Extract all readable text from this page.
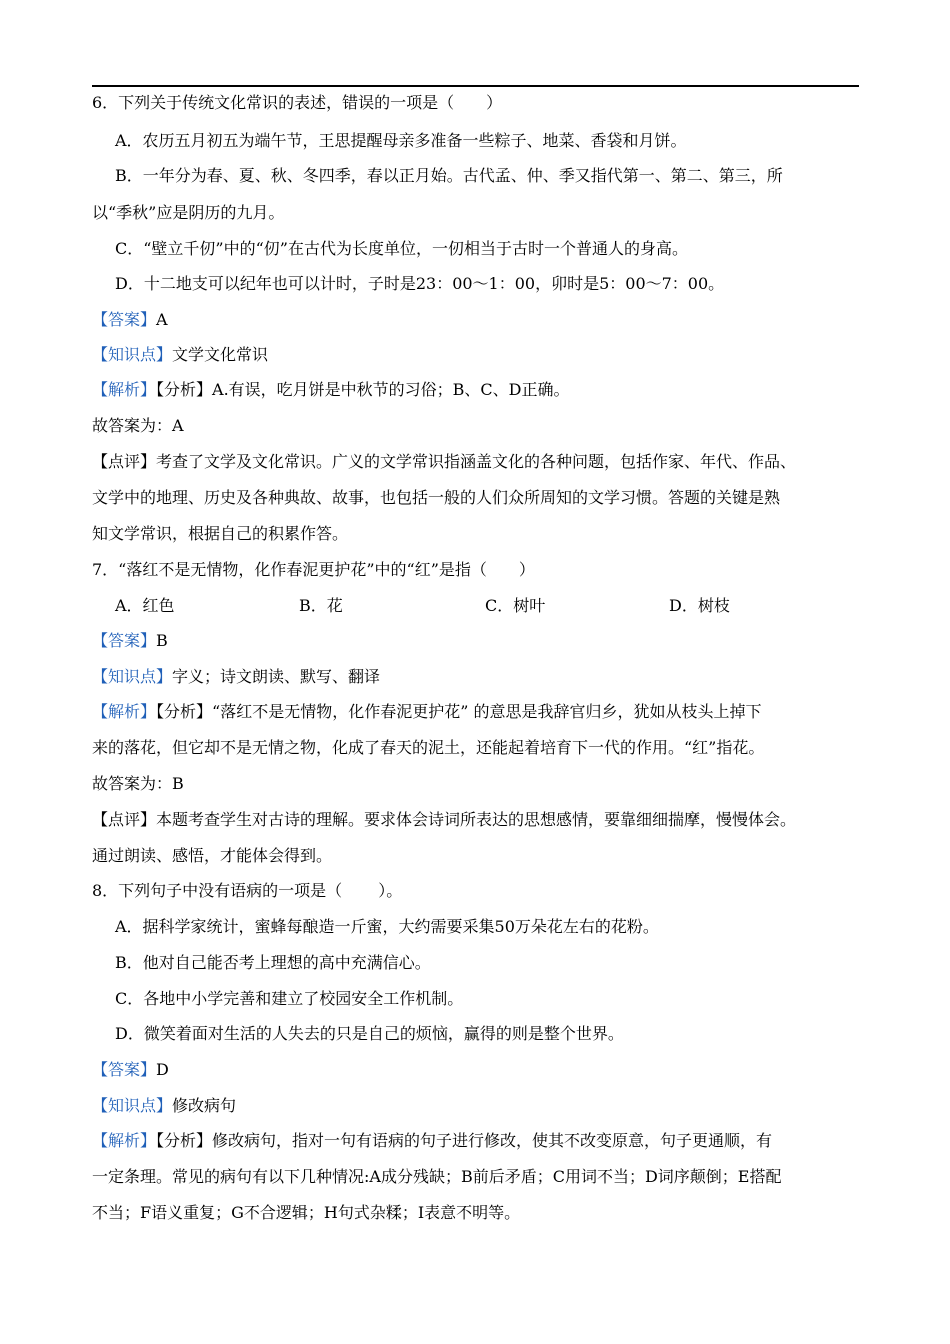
6．下列关于传统文化常识的表述，错误的一项是（　　）
A．农历五月初五为端午节，王思提醒母亲多准备一些粽子、地菜、香袋和月饼。
B．一年分为春、夏、秋、冬四季，春以正月始。古代孟、仲、季又指代第一、第二、第三，所
以“季秋”应是阴历的九月。
C．“壁立千仞”中的“仞”在古代为长度单位，一仞相当于古时一个普通人的身高。
D．十二地支可以纪年也可以计时，子时是23：00～1：00，卯时是5：00～7：00。
【答案】A
【知识点】文学文化常识
【解析】【分析】A.有误，吃月饼是中秋节的习俗；B、C、D正确。
故答案为：A
【点评】考查了文学及文化常识。广义的文学常识指涵盖文化的各种问题，包括作家、年代、作品、
文学中的地理、历史及各种典故、故事，也包括一般的人们众所周知的文学习惯。答题的关键是熟
知文学常识，根据自己的积累作答。
7．“落红不是无情物，化作春泥更护花”中的“红”是指（　　）
A．红色	B．花	C．树叶	D．树枝
【答案】B
【知识点】字义；诗文朗读、默写、翻译
【解析】【分析】“落红不是无情物，化作春泥更护花” 的意思是我辞官归乡，犹如从枝头上掉下
来的落花，但它却不是无情之物，化成了春天的泥土，还能起着培育下一代的作用。“红”指花。
故答案为：B
【点评】本题考查学生对古诗的理解。要求体会诗词所表达的思想感情，要靠细细揣摩，慢慢体会。
通过朗读、感悟，才能体会得到。
8．下列句子中没有语病的一项是（ ）。
A．据科学家统计，蜜蜂每酿造一斤蜜，大约需要采集50万朵花左右的花粉。
B．他对自己能否考上理想的高中充满信心。
C．各地中小学完善和建立了校园安全工作机制。
D．微笑着面对生活的人失去的只是自己的烦恼，赢得的则是整个世界。
【答案】D
【知识点】修改病句
【解析】【分析】修改病句，指对一句有语病的句子进行修改，使其不改变原意，句子更通顺，有
一定条理。常见的病句有以下几种情况:A成分残缺；B前后矛盾；C用词不当；D词序颠倒；E搭配
不当；F语义重复；G不合逻辑；H句式杂糅；I表意不明等。
